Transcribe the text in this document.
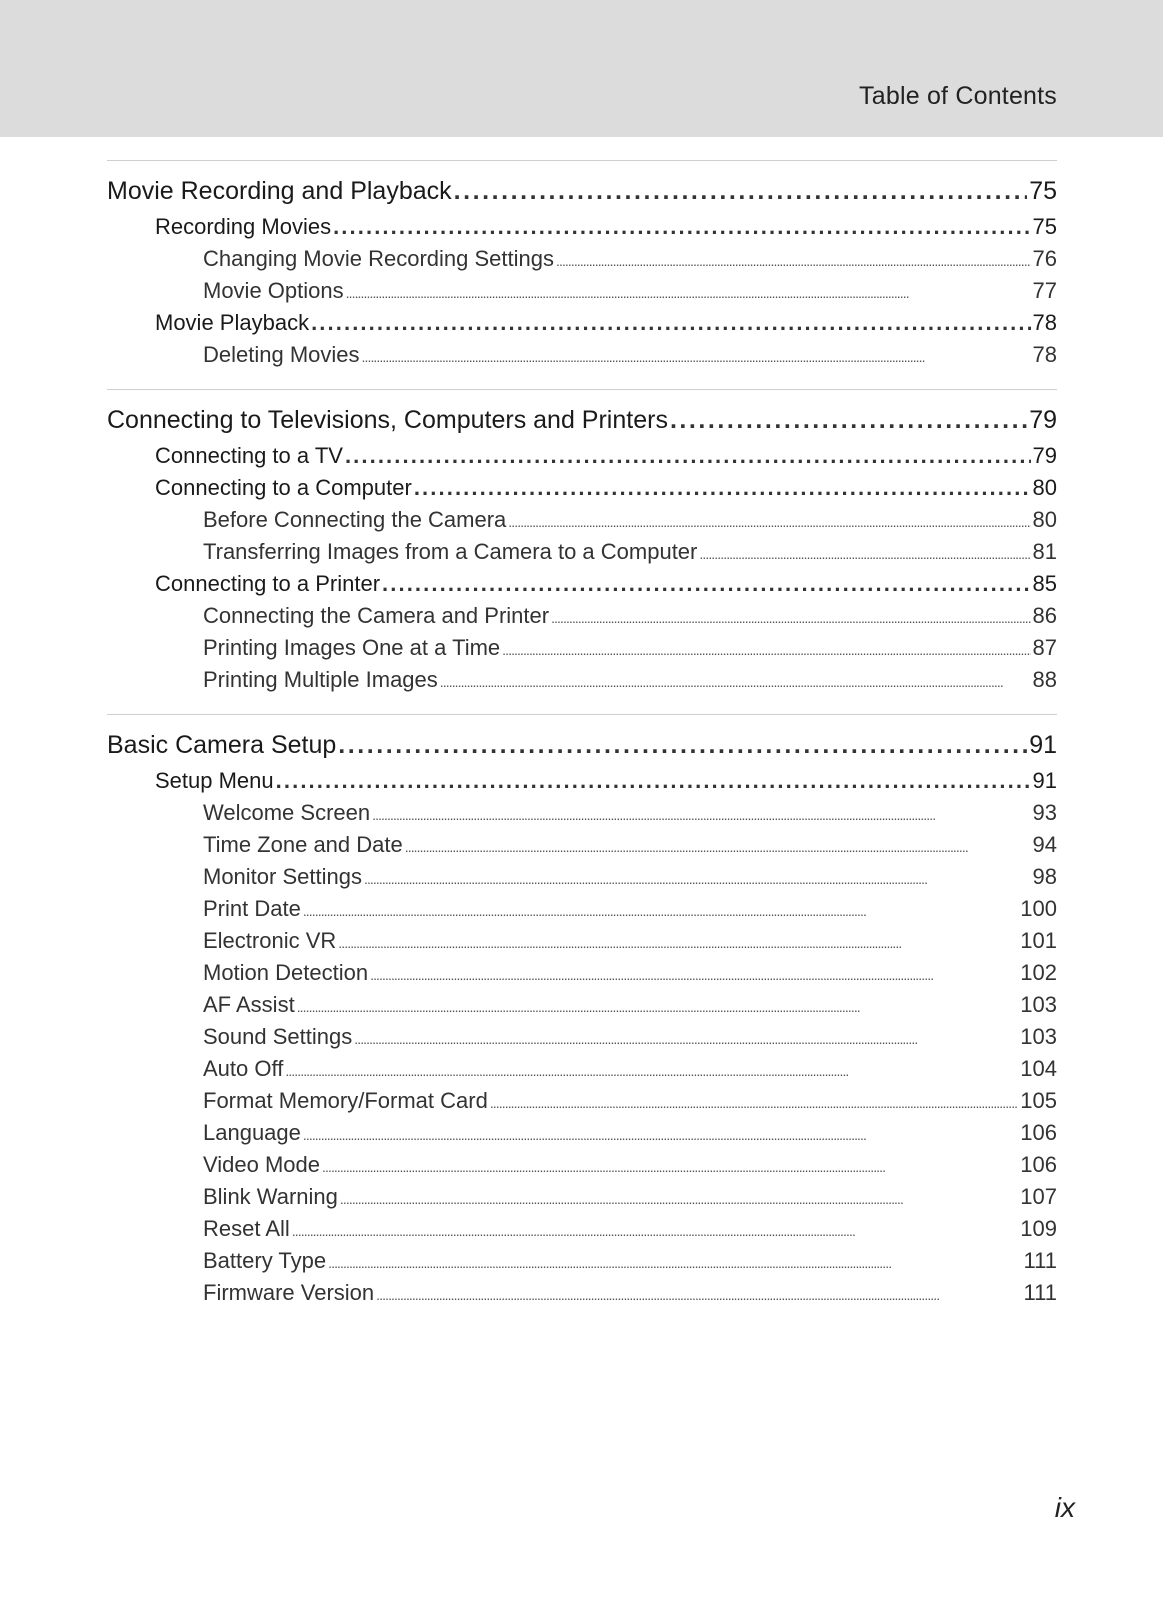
Table of Contents
Movie Recording and Playback . . .	75
Recording Movies . . .	75
Changing Movie Recording Settings . . .	76
Movie Options . . .	77
Movie Playback . . .	78
Deleting Movies . . .	78
Connecting to Televisions, Computers and Printers . . .	79
Connecting to a TV . . .	79
Connecting to a Computer . . .	80
Before Connecting the Camera . . .	80
Transferring Images from a Camera to a Computer . . .	81
Connecting to a Printer . . .	85
Connecting the Camera and Printer . . .	86
Printing Images One at a Time . . .	87
Printing Multiple Images . . .	88
Basic Camera Setup . . .	91
Setup Menu . . .	91
Welcome Screen . . .	93
Time Zone and Date . . .	94
Monitor Settings . . .	98
Print Date . . .	100
Electronic VR . . .	101
Motion Detection . . .	102
AF Assist . . .	103
Sound Settings . . .	103
Auto Off . . .	104
Format Memory/Format Card . . .	105
Language . . .	106
Video Mode . . .	106
Blink Warning . . .	107
Reset All . . .	109
Battery Type . . .	111
Firmware Version . . .	111
ix
